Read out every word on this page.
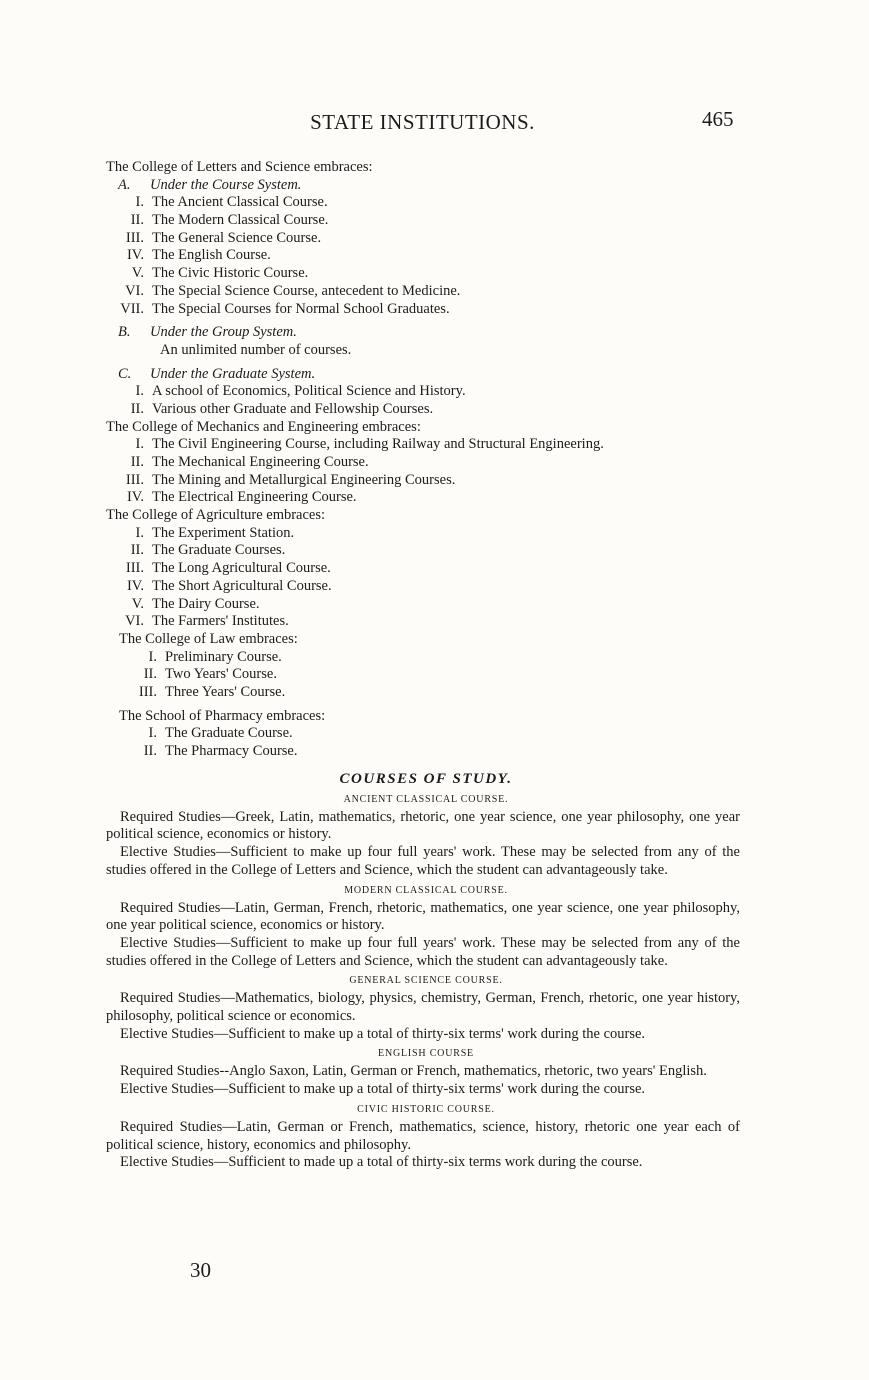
STATE INSTITUTIONS.	465
The College of Letters and Science embraces:
A. Under the Course System.
I. The Ancient Classical Course.
II. The Modern Classical Course.
III. The General Science Course.
IV. The English Course.
V. The Civic Historic Course.
VI. The Special Science Course, antecedent to Medicine.
VII. The Special Courses for Normal School Graduates.
B. Under the Group System.
An unlimited number of courses.
C. Under the Graduate System.
I. A school of Economics, Political Science and History.
II. Various other Graduate and Fellowship Courses.
The College of Mechanics and Engineering embraces:
I. The Civil Engineering Course, including Railway and Structural Engineering.
II. The Mechanical Engineering Course.
III. The Mining and Metallurgical Engineering Courses.
IV. The Electrical Engineering Course.
The College of Agriculture embraces:
I. The Experiment Station.
II. The Graduate Courses.
III. The Long Agricultural Course.
IV. The Short Agricultural Course.
V. The Dairy Course.
VI. The Farmers' Institutes.
The College of Law embraces:
I. Preliminary Course.
II. Two Years' Course.
III. Three Years' Course.
The School of Pharmacy embraces:
I. The Graduate Course.
II. The Pharmacy Course.
COURSES OF STUDY.
ANCIENT CLASSICAL COURSE.

Required Studies—Greek, Latin, mathematics, rhetoric, one year science, one year philosophy, one year political science, economics or history.

Elective Studies—Sufficient to make up four full years' work. These may be selected from any of the studies offered in the College of Letters and Science, which the student can advantageously take.

MODERN CLASSICAL COURSE.

Required Studies—Latin, German, French, rhetoric, mathematics, one year science, one year philosophy, one year political science, economics or history.

Elective Studies—Sufficient to make up four full years' work. These may be selected from any of the studies offered in the College of Letters and Science, which the student can advantageously take.

GENERAL SCIENCE COURSE.

Required Studies—Mathematics, biology, physics, chemistry, German, French, rhetoric, one year history, philosophy, political science or economics.

Elective Studies—Sufficient to make up a total of thirty-six terms' work during the course.

ENGLISH COURSE

Required Studies--Anglo Saxon, Latin, German or French, mathematics, rhetoric, two years' English.

Elective Studies—Sufficient to make up a total of thirty-six terms' work during the course.

CIVIC HISTORIC COURSE.

Required Studies—Latin, German or French, mathematics, science, history, rhetoric one year each of political science, history, economics and philosophy.

Elective Studies—Sufficient to made up a total of thirty-six terms work during the course.

30
